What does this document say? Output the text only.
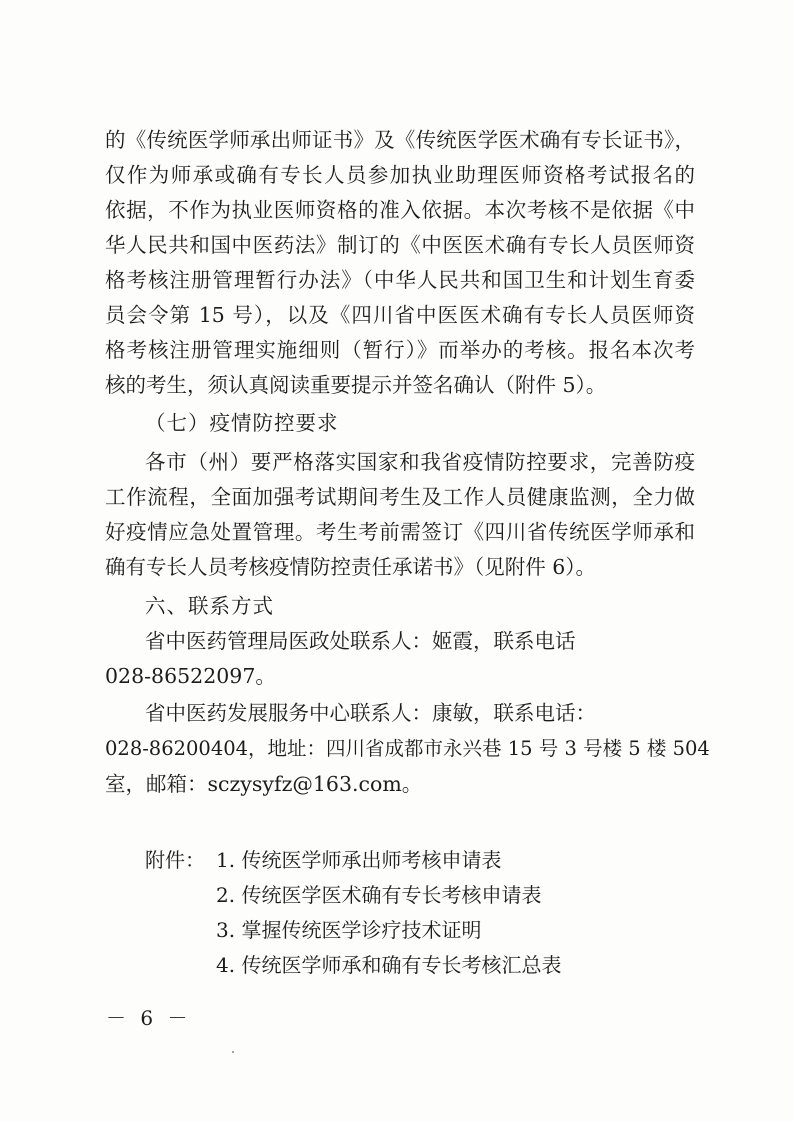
的《传统医学师承出师证书》及《传统医学医术确有专长证书》，
仅作为师承或确有专长人员参加执业助理医师资格考试报名的
依据，不作为执业医师资格的准入依据。本次考核不是依据《中
华人民共和国中医药法》制订的《中医医术确有专长人员医师资
格考核注册管理暂行办法》（中华人民共和国卫生和计划生育委
员会令第 15 号），以及《四川省中医医术确有专长人员医师资
格考核注册管理实施细则（暂行）》而举办的考核。报名本次考
核的考生，须认真阅读重要提示并签名确认（附件 5）。
（七）疫情防控要求
各市（州）要严格落实国家和我省疫情防控要求，完善防疫
工作流程，全面加强考试期间考生及工作人员健康监测，全力做
好疫情应急处置管理。考生考前需签订《四川省传统医学师承和
确有专长人员考核疫情防控责任承诺书》（见附件 6）。
六、联系方式
省中医药管理局医政处联系人：姬霞，联系电话
028-86522097。
省中医药发展服务中心联系人：康敏，联系电话：
028-86200404，地址：四川省成都市永兴巷 15 号 3 号楼 5 楼 504
室，邮箱：sczysyfz@163.com。
附件： 1. 传统医学师承出师考核申请表
2. 传统医学医术确有专长考核申请表
3. 掌握传统医学诊疗技术证明
4. 传统医学师承和确有专长考核汇总表
－ 6 －
